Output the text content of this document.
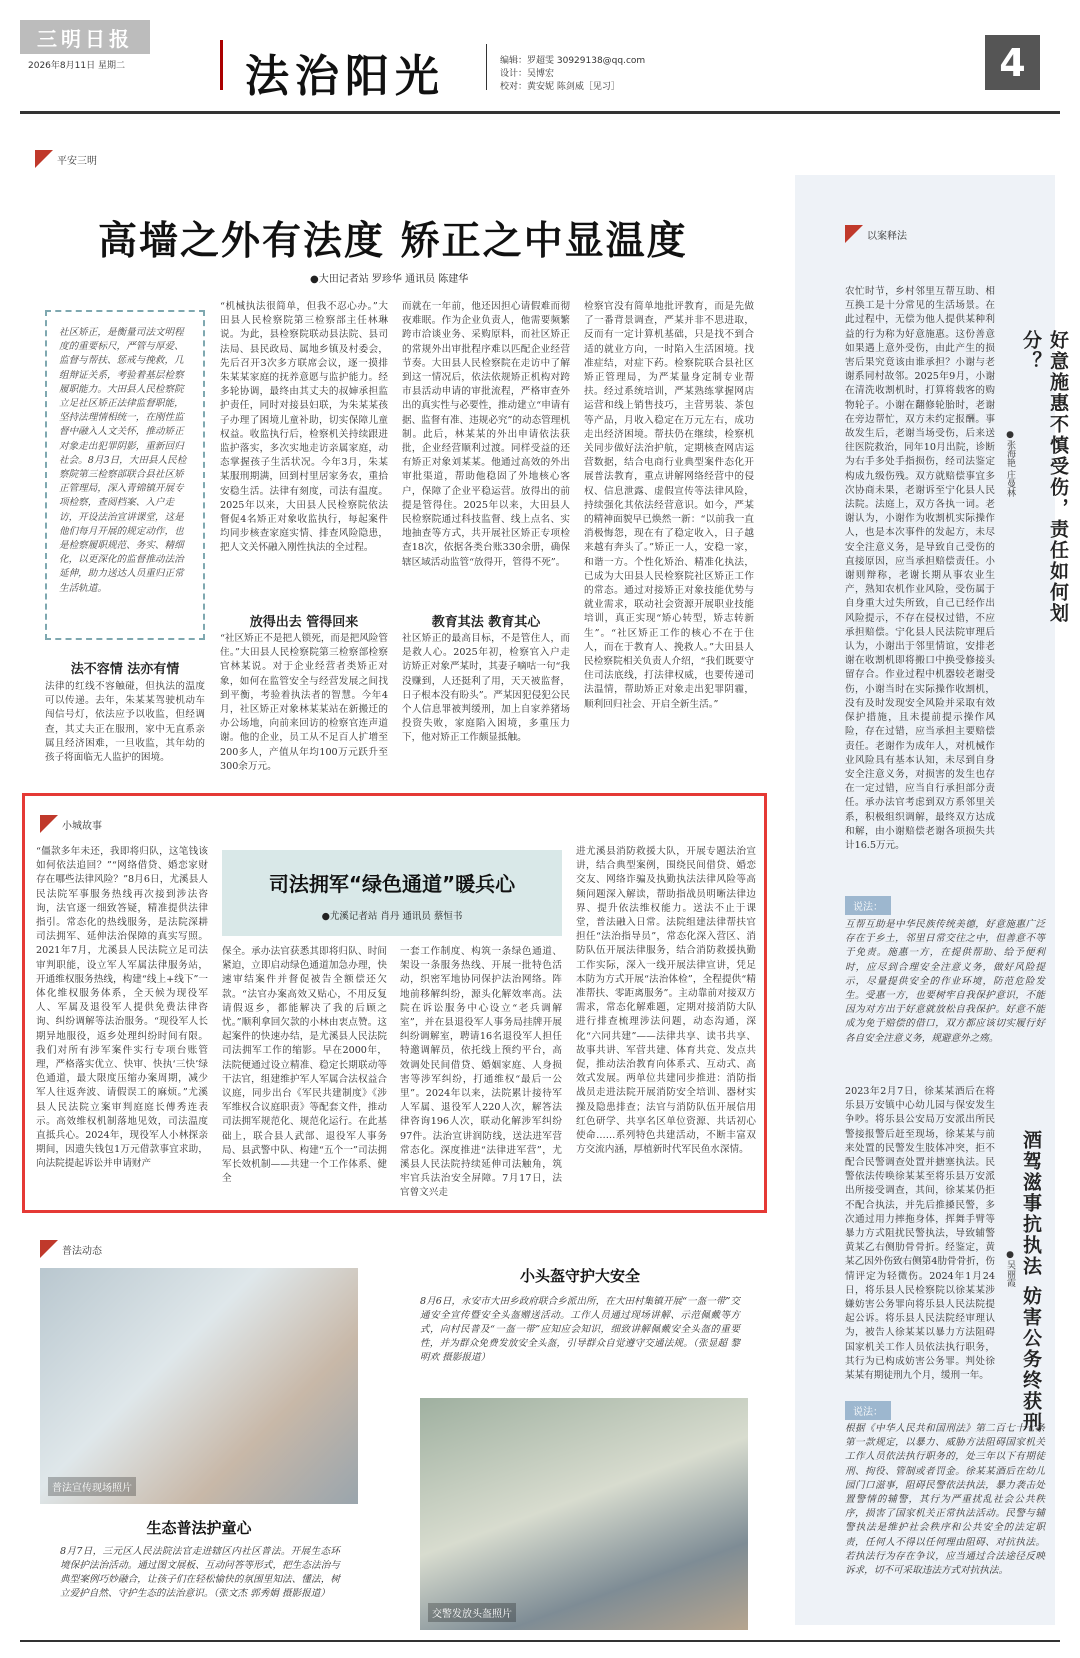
三明日报
2026年8月11日 星期二	法治阳光	编辑：罗超雯 30929138@qq.com
设计：吴博宏
校对：黄安妮 陈剑威［见习］
4
平安三明
高墙之外有法度 矫正之中显温度
●大田记者站 罗珍华 通讯员 陈建华
社区矫正，是衡量司法文明程度的重要标尺，严管与厚爱、监督与帮扶、惩戒与挽救，几组辩证关系，考验着基层检察履职能力。大田县人民检察院立足社区矫正法律监督职能，坚持法理情相统一，在刚性监督中融入人文关怀，推动矫正对象走出犯罪阴影，重新回归社会。8月3日，大田县人民检察院第三检察部联合县社区矫正管理局，深入青锦镇开展专项检察，查阅档案、入户走访，开设法治宣讲课堂，这是他们每月开展的规定动作，也是检察履职规范、务实、精细化，以更深化的监督推动法治延伸，助力送达人员重归正常生活轨道。
法不容情 法亦有情
法律的红线不容触碰，但执法的温度可以传递。去年，朱某某驾驶机动车闯信号灯，依法应予以收监，但经调查，其丈夫正在服刑，家中无直系亲属且经济困难，一旦收监，其年幼的孩子将面临无人监护的困境。
“机械执法很简单，但我不忍心办。”大田县人民检察院第三检察部主任林琳说。为此，县检察院联动县法院、县司法局、县民政局、属地乡镇及村委会，先后召开3次多方联席会议，逐一摸排朱某某家庭的抚养意愿与监护能力。经多轮协调，最终由其丈夫的叔婶承担监护责任，同时对接县妇联，为朱某某孩子办理了困境儿童补助，切实保障儿童权益。收监执行后，检察机关持续跟进监护落实，多次实地走访亲属家庭，动态掌握孩子生活状况。今年3月，朱某某服刑期满，回到村里居家务农，重拾安稳生活。法律有刻度，司法有温度。2025年以来，大田县人民检察院依法督促4名矫正对象收监执行，每起案件均同步核查家庭实情、排查风险隐患，把人文关怀融入刚性执法的全过程。
放得出去 管得回来
“社区矫正不是把人锁死，而是把风险管住。”大田县人民检察院第三检察部检察官林某说。对于企业经营者类矫正对象，如何在监管安全与经营发展之间找到平衡，考验着执法者的智慧。今年4月，社区矫正对象林某某站在新搬迁的办公场地，向前来回访的检察官连声道谢。他的企业，员工从不足百人扩增至200多人，产值从年均100万元跃升至300余万元。
而就在一年前，他还因担心请假难而彻夜难眠。作为企业负责人，他需要频繁跨市洽谈业务、采购原料，而社区矫正的常规外出审批程序难以匹配企业经营节奏。大田县人民检察院在走访中了解到这一情况后，依法依规矫正机构对跨市县活动申请的审批流程，严格审查外出的真实性与必要性，推动建立“申请有据、监督有准、违规必究”的动态管理机制。此后，林某某的外出申请依法获批，企业经营顺利过渡。同样受益的还有矫正对象刘某某。他通过高效的外出审批渠道，帮助他稳固了外地核心客户，保障了企业平稳运营。放得出的前提是管得住。2025年以来，大田县人民检察院通过科技监督、线上点名、实地抽查等方式，共开展社区矫正专项检查18次，依据各类台账330余册，确保辖区域活动监管“放得开，管得不死”。
教育其法 教育其心
社区矫正的最高目标，不是管住人，而是救人心。2025年初，检察官入户走访矫正对象严某时，其妻子嘀咕一句“我没赚到，人还挺利了用，天天被监督，日子根本没有盼头”。严某因犯侵犯公民个人信息罪被判缓刑，加上自家养猪场投资失败，家庭陷入困境，多重压力下，他对矫正工作颇显抵触。
检察官没有简单地批评教育，而是先做了一番背景调查，严某并非不思进取，反而有一定计算机基础，只是找不到合适的就业方向，一时陷入生活困境。找准症结，对症下药。检察院联合县社区矫正管理局，为严某量身定制专业帮扶。经过系统培训，严某熟练掌握网店运营和线上销售技巧，主营男装、茶包等产品，月收入稳定在万元左右，成功走出经济困境。帮扶仍在继续，检察机关同步做好法治护航，定期核查网店运营数据，结合电商行业典型案件态化开展普法教育，重点讲解网络经营中的侵权、信息泄露、虚假宣传等法律风险，持续强化其依法经营意识。如今，严某的精神面貌早已焕然一新：“以前我一直消极悔怨，现在有了稳定收入，日子越来越有奔头了。”矫正一人，安稳一家，和谐一方。个性化矫治、精准化执法，已成为大田县人民检察院社区矫正工作的常态。通过对接矫正对象技能优势与就业需求，联动社会资源开展职业技能培训，真正实现“矫心转型，矫志转新生”。“社区矫正工作的核心不在于住人，而在于教育人、挽救人。”大田县人民检察院相关负责人介绍，“我们既要守住司法底线，打法律权威，也要传递司法温情，帮助矫正对象走出犯罪阴霾，顺利回归社会、开启全新生活。”
以案释法
好意施惠不慎受伤，责任如何划分？
●张海艳 庄曼林
农忙时节，乡村邻里互帮互助、相互换工是十分常见的生活场景。在此过程中，无偿为他人提供某种利益的行为称为好意施惠。这份善意如果遇上意外受伤，由此产生的损害后果究竟该由谁承担？小谢与老谢系同村故邻。2025年9月，小谢在清洗收割机时，打算将载客的购物轮子。小谢在翻修轮胎时，老谢在旁边帮忙，双方未约定报酬。事故发生后，老谢当场受伤，后来送往医院救治，同年10月出院，诊断为右手多处手指损伤，经司法鉴定构成九级伤残。双方就赔偿事宜多次协商未果，老谢诉至宁化县人民法院。法庭上，双方各执一词。老谢认为，小谢作为收割机实际操作人，也是本次事件的发起方，未尽安全注意义务，是导致自己受伤的直接原因，应当承担赔偿责任。小谢则辩称，老谢长期从事农业生产，熟知农机作业风险，受伤属于自身重大过失所致，自己已经作出风险提示，不存在侵权过错，不应承担赔偿。宁化县人民法院审理后认为，小谢出于邻里情谊，安排老谢在收割机即将搬口中换受修接头留存合。作业过程中机器较老谢受伤，小谢当时在实际操作收割机，没有及时发现安全风险并采取有效保护措施，且未提前提示操作风险，存在过错，应当承担主要赔偿责任。老谢作为成年人，对机械作业风险具有基本认知，未尽到自身安全注意义务，对损害的发生也存在一定过错，应当自行承担部分责任。承办法官考虑到双方系邻里关系，积极组织调解，最终双方达成和解，由小谢赔偿老谢各项损失共计16.5万元。
说法：
互帮互助是中华民族传统美德，好意施惠广泛存在于乡土，邻里日常交往之中，但善意不等于免责。施惠一方，在提供帮助、给予便利时，应尽到合理安全注意义务，做好风险提示，尽量提供安全的作业环境，防范危险发生。受惠一方，也要树牢自我保护意识，不能因为对方出于好意就放松自我保护。好意不能成为免于赔偿的借口，双方都应该切实履行好各自安全注意义务，规避意外之殇。
酒驾滋事抗执法 妨害公务终获刑
●吴丽霞
2023年2月7日，徐某某酒后在将乐县万安镇中心幼儿园与保安发生争吵。将乐县公安局万安派出所民警接报警后赶至现场，徐某某与前来处置的民警发生肢体冲突，拒不配合民警调查处置并搪塞执法。民警依法传唤徐某某至将乐县万安派出所接受调查，其间，徐某某仍拒不配合执法，并先后推搡民警，多次通过用力摔拖身体，挥舞手臂等暴力方式阻扰民警执法，导致辅警黄某乙右侧肋骨骨折。经鉴定，黄某乙因外伤致右侧第4肋骨骨折，伤情评定为轻微伤。2024年1月24日，将乐县人民检察院以徐某某涉嫌妨害公务罪向将乐县人民法院提起公诉。将乐县人民法院经审理认为，被告人徐某某以暴力方法阻碍国家机关工作人员依法执行职务，其行为已构成妨害公务罪。判处徐某某有期徒刑九个月，缓刑一年。
说法：
根据《中华人民共和国刑法》第二百七十七条第一款规定，以暴力、威胁方法阻碍国家机关工作人员依法执行职务的，处三年以下有期徒刑、拘役、管制或者罚金。徐某某酒后在幼儿园门口滋事，阻碍民警依法执法，暴力袭击处置警情的辅警，其行为严重扰乱社会公共秩序，损害了国家机关正常执法活动。民警与辅警执法是维护社会秩序和公共安全的法定职责，任何人不得以任何理由阻碍、对抗执法。若执法行为存在争议，应当通过合法途径反映诉求，切不可采取违法方式对抗执法。
小城故事
司法拥军“绿色通道”暖兵心
●尤溪记者站 肖丹 通讯员 蔡恒书
“僵款多年未还，我即将归队，这笔钱该如何依法追回？”“网络借贷、婚恋家财存在哪些法律风险？”8月6日，尤溪县人民法院军事服务热线再次接到涉法咨询，法官逐一细致答疑，精准提供法律指引。常态化的热线服务，是法院深耕司法拥军、延伸法治保障的真实写照。2021年7月，尤溪县人民法院立足司法审判职能，设立军人军属法律服务站，开通维权服务热线，构建“线上+线下”一体化维权服务体系，全天候为现役军人、军属及退役军人提供免费法律咨询、纠纷调解等法治服务。“现役军人长期异地服役，返乡处理纠纷时间有限。我们对所有涉军案件实行专项台账管理，严格落实优立、快审、快执‘三快’绿色通道，最大限度压缩办案周期，减少军人往返奔波、请假误工的麻烦。”尤溪县人民法院立案审判庭庭长傅秀连表示。高效维权机制落地见效，司法温度直抵兵心。2024年，现役军人小林探亲期间，因遗失钱包1万元借款事宜求助，向法院提起诉讼并申请财产
保全。承办法官获悉其即将归队、时间紧迫，立即启动绿色通道加急办理，快速审结案件并督促被告全额偿还欠款。“法官办案高效又贴心，不用反复请假返乡，都能解决了我的后顾之忧。”顺利拿回欠款的小林由衷点赞。这起案件的快速办结，是尤溪县人民法院司法拥军工作的缩影。早在2000年，法院便通过设立精准、稳定长期联动等干法官，组建维护军人军属合法权益合议庭，同步出台《军民共建制度》《涉军维权合议庭职责》等配套文件，推动司法拥军规范化、规范化运行。在此基础上，联合县人武部、退役军人事务局、县武警中队、构建“五个一”司法拥军长效机制——共建一个工作体系、健全
一套工作制度、构筑一条绿色通道、架设一条服务热线、开展一批特色活动，织密军地协同保护法治网络。阵地前移解纠纷，源头化解效率高。法院在诉讼服务中心设立“老兵调解室”，并在县退役军人事务局挂牌开展纠纷调解室，聘请16名退役军人担任特邀调解员，依托线上预约平台，高效调处民间借贷、婚姻家庭、人身损害等涉军纠纷，打通维权“最后一公里”。2024年以来，法院累计接待军人军属、退役军人220人次，解答法律咨询196人次，联动化解涉军纠纷97件。法治宣讲润防线，送法进军营常态化。深度推进“法律进军营”，尤溪县人民法院持续延伸司法触角，筑牢官兵法治安全屏障。7月17日，法官曾文兴走
进尤溪县消防救援大队，开展专题法治宣讲，结合典型案例，围绕民间借贷、婚恋交友、网络诈骗及执勤执法法律风险等高频问题深入解读，帮助指战员明晰法律边界、提升依法维权能力。送法不止于课堂，普法融入日常。法院组建法律帮扶官担任“法治指导员”，常态化深入营区、消防队伍开展法律服务，结合消防救援执勤工作实际，深入一线开展法律宣讲，凭足本防为方式开展“法治体检”，全程提供“精准帮扶、零距离服务”。主动靠前对接双方需求，常态化解难题，定期对接消防大队进行排查梳理涉法问题，动态沟通，深化“六同共建”——法律共享、读书共享、故事共讲、军营共建、体育共竞、发点共促，推动法治教育向体系式、互动式、高效式发展。两单位共建同步推进：消防指战员走进法院开展消防安全培训、器材实操及隐患排查；法官与消防队伍开展信用红色研学、共享名区单位资源、共话初心使命……系列特色共建活动，不断丰富双方交流内涵，厚植新时代军民鱼水深情。
普法动态
普法宣传现场照片
生态普法护童心
8月7日，三元区人民法院法官走进辖区内社区普法。开展生态环境保护法治活动。通过图文展板、互动问答等形式，把生态法治与典型案例巧妙融合，让孩子们在轻松愉快的氛围里知法、懂法，树立爱护自然、守护生态的法治意识。（张文杰 郭秀娟 摄影报道）
小头盔守护大安全
8月6日，永安市大田乡政府联合乡派出所，在大田村集镇开展“一盔一带”交通安全宣传暨安全头盔赠送活动。工作人员通过现场讲解、示范佩戴等方式，向村民普及“一盔一带”应知应会知识，细致讲解佩戴安全头盔的重要性，并为群众免费发放安全头盔，引导群众自觉遵守交通法规。（张显超 黎明欢 摄影报道）
交警发放头盔照片
